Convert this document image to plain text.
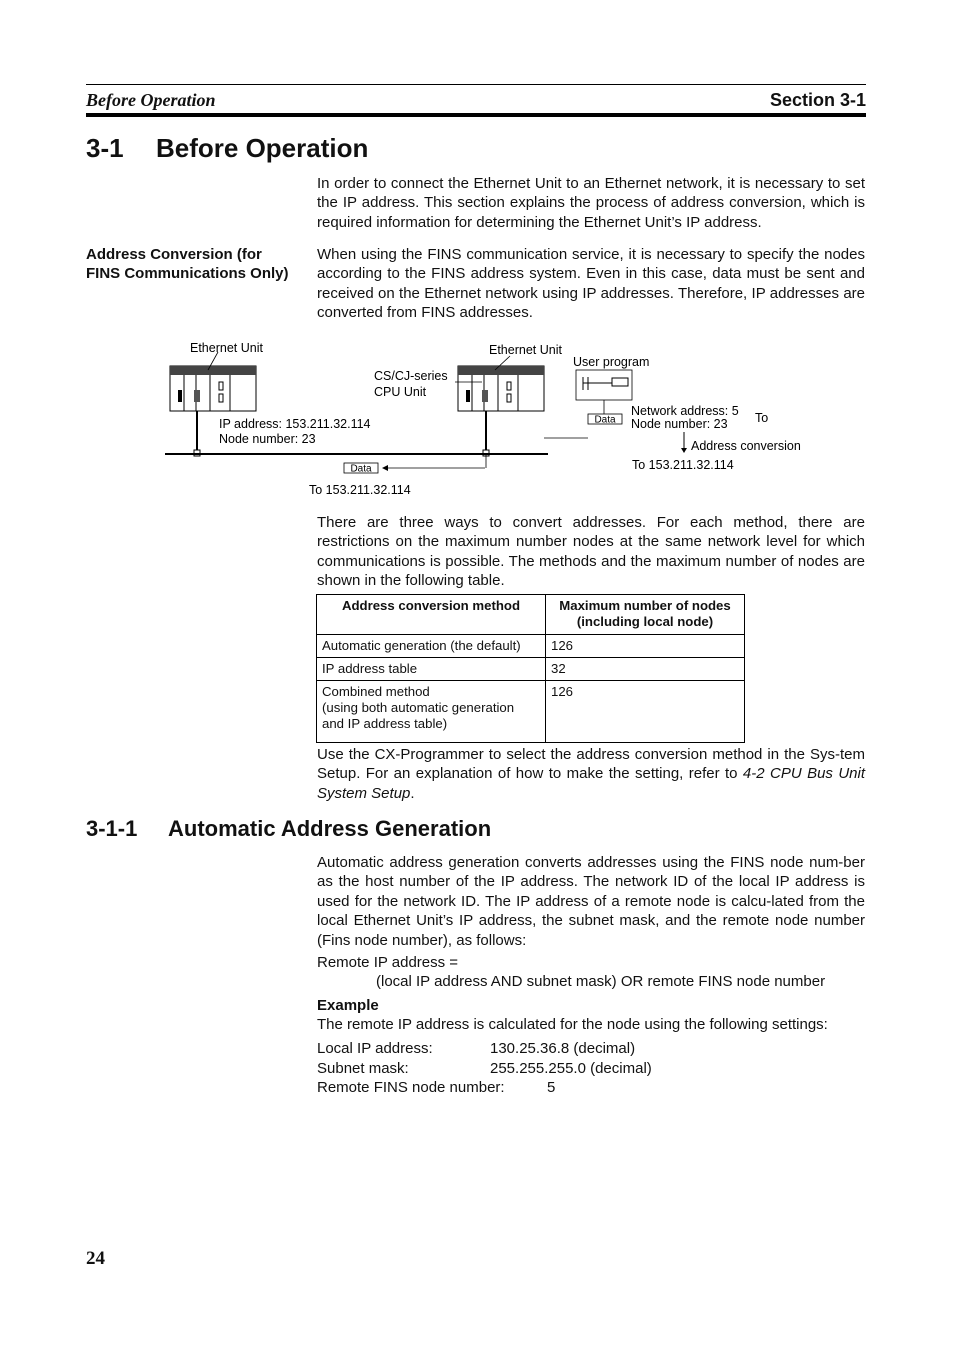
Before Operation	Section 3-1
3-1 Before Operation
In order to connect the Ethernet Unit to an Ethernet network, it is necessary to set the IP address. This section explains the process of address conversion, which is required information for determining the Ethernet Unit’s IP address.
Address Conversion (for FINS Communications Only)
When using the FINS communication service, it is necessary to specify the nodes according to the FINS address system. Even in this case, data must be sent and received on the Ethernet network using IP addresses. Therefore, IP addresses are converted from FINS addresses.
Data
Data
Ethernet Unit	Ethernet Unit
CS/CJ-series
CPU Unit
User program
IP address: 153.211.32.114
Node number: 23
Network address: 5
Node number: 23 To
Address conversion
To 153.211.32.114
To 153.211.32.114
There are three ways to convert addresses. For each method, there are restrictions on the maximum number nodes at the same network level for which communications is possible. The methods and the maximum number of nodes are shown in the following table.
Address conversion method	Maximum number of nodes (including local node)
Automatic generation (the default)	126
IP address table	32

Combined method
(using both automatic generation
and IP address table)	126
Use the CX-Programmer to select the address conversion method in the Sys-tem Setup. For an explanation of how to make the setting, refer to 4-2 CPU Bus Unit System Setup.
3-1-1 Automatic Address Generation
Automatic address generation converts addresses using the FINS node num-ber as the host number of the IP address. The network ID of the local IP address is used for the network ID. The IP address of a remote node is calcu-lated from the local Ethernet Unit’s IP address, the subnet mask, and the remote node number (Fins node number), as follows:
Remote IP address =
(local IP address AND subnet mask) OR remote FINS node number
Example
The remote IP address is calculated for the node using the following settings:
Local IP address:	130.25.36.8 (decimal)
Subnet mask:	255.255.255.0 (decimal)
Remote FINS node number:	5
24
